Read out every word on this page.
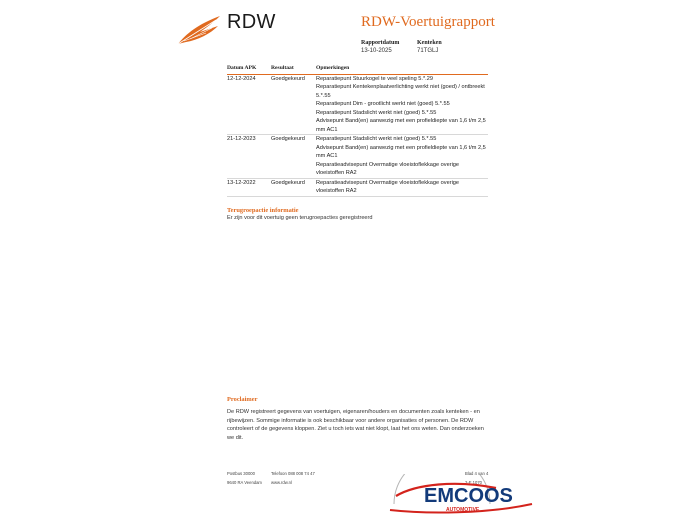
RDW	RDW-Voertuigrapport
Rapportdatum
13-10-2025
Kenteken
71TGLJ
Datum APK	Resultaat	Opmerkingen
12-12-2024	Goedgekeurd	Reparatiepunt Stuurkogel te veel speling 5.*.29
Reparatiepunt Kentekenplaatverlichting werkt niet (goed) / ontbreekt 5.*.55
Reparatiepunt Dim - grootlicht werkt niet (goed) 5.*.55
Reparatiepunt Stadslicht werkt niet (goed) 5.*.55
Advisepunt Band(en) aanwezig met een profieldiepte van 1,6 t/m 2,5 mm AC1
21-12-2023	Goedgekeurd	Reparatiepunt Stadslicht werkt niet (goed) 5.*.55
Advisepunt Band(en) aanwezig met een profieldiepte van 1,6 t/m 2,5 mm AC1
Reparatieadvisepunt Overmatige vloeistoflekkage overige vloeistoffen RA2
13-12-2022	Goedgekeurd	Reparatieadvisepunt Overmatige vloeistoflekkage overige vloeistoffen RA2
Terugroepactie informatie
Er zijn voor dit voertuig geen terugroepacties geregistreerd
Proclaimer
De RDW registreert gegevens van voertuigen, eigenaren/houders en documenten zoals kenteken - en rijbewijzen. Sommige informatie is ook beschikbaar voor andere organisaties of personen. De RDW controleert of de gegevens kloppen. Ziet u toch iets wat niet klopt, laat het ons weten. Dan onderzoeken we dit.
Postbus 30000
9640 RA Veendam
Telefoon 088 008 74 47
www.rdw.nl
Blad 4 van 4
2-E 1070
EMCOOS
AUTOMOTIVE
